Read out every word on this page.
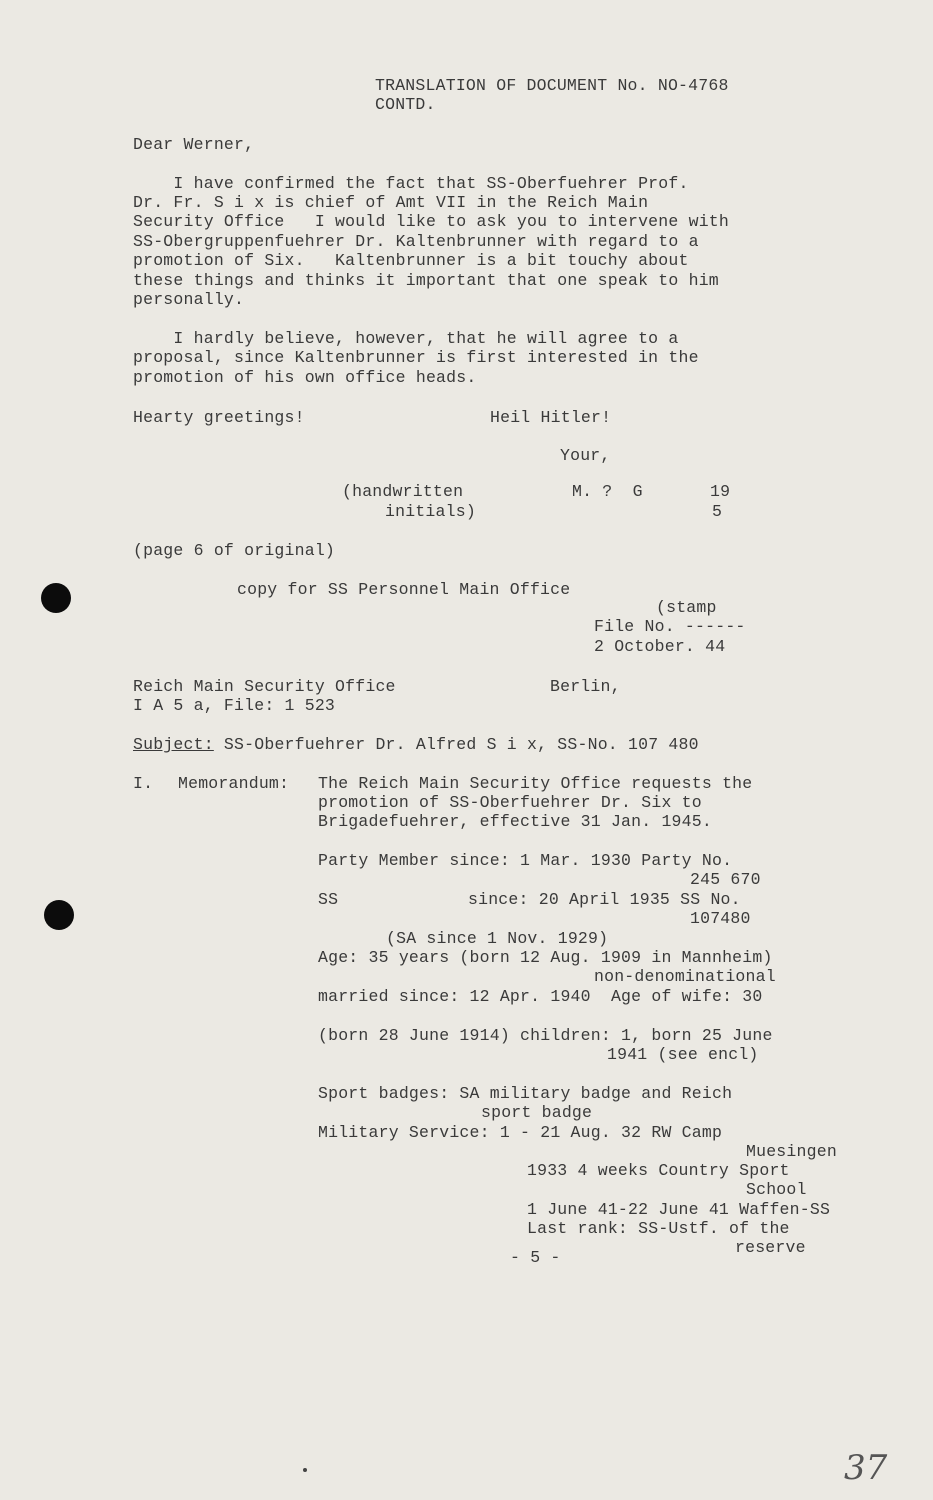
TRANSLATION OF DOCUMENT No. NO-4768
CONTD.
Dear Werner,
I have confirmed the fact that SS-Oberfuehrer Prof.
Dr. Fr. S i x is chief of Amt VII in the Reich Main
Security Office   I would like to ask you to intervene with
SS-Obergruppenfuehrer Dr. Kaltenbrunner with regard to a
promotion of Six.   Kaltenbrunner is a bit touchy about
these things and thinks it important that one speak to him
personally.
I hardly believe, however, that he will agree to a
proposal, since Kaltenbrunner is first interested in the
promotion of his own office heads.
Hearty greetings!	Heil Hitler!
Your,
(handwritten
initials)
M. ?  G	19
5
(page 6 of original)
copy for SS Personnel Main Office
(stamp
File No. ------
2 October. 44
Reich Main Security Office
I A 5 a, File: 1 523
Berlin,
Subject: SS-Oberfuehrer Dr. Alfred S i x, SS-No. 107 480
I. Memorandum: The Reich Main Security Office requests the
promotion of SS-Oberfuehrer Dr. Six to
Brigadefuehrer, effective 31 Jan. 1945.
Party Member since: 1 Mar. 1930 Party No.
245 670
SS	since: 20 April 1935 SS No.
107480
(SA since 1 Nov. 1929)
Age: 35 years (born 12 Aug. 1909 in Mannheim)
non-denominational
married since: 12 Apr. 1940  Age of wife: 30
(born 28 June 1914) children: 1, born 25 June
1941 (see encl)
Sport badges: SA military badge and Reich
sport badge
Military Service: 1 - 21 Aug. 32 RW Camp
Muesingen
1933 4 weeks Country Sport
School
1 June 41-22 June 41 Waffen-SS
Last rank: SS-Ustf. of the
reserve
- 5 -
37
